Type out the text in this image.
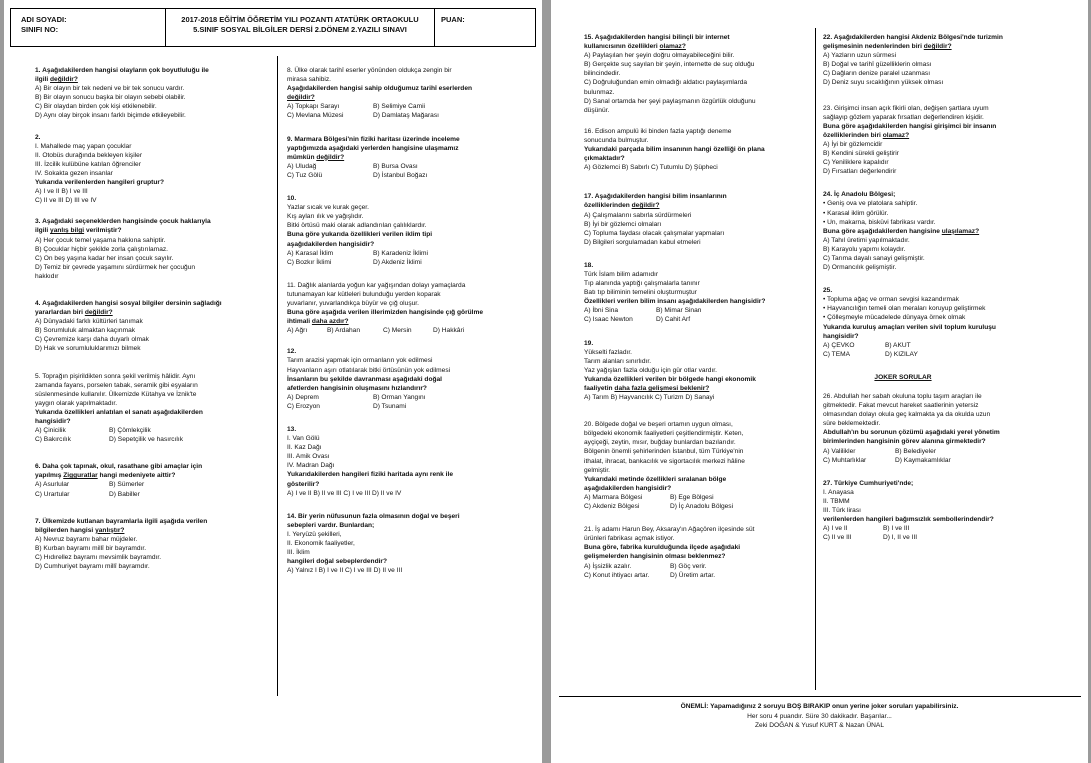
ADI SOYADI:
SINIFI NO:
2017-2018 EĞİTİM ÖĞRETİM YILI POZANTI ATATÜRK ORTAOKULU
5.SINIF SOSYAL BİLGİLER DERSİ 2.DÖNEM 2.YAZILI SINAVI
PUAN:
1. Aşağıdakilerden hangisi olayların çok boyutluluğu ile
ilgili değildir?
A) Bir olayın bir tek nedeni ve bir tek sonucu vardır.
B) Bir olayın sonucu başka bir olayın sebebi olabilir.
C) Bir olaydan birden çok kişi etkilenebilir.
D) Aynı olay birçok insanı farklı biçimde etkileyebilir.
2.
I. Mahallede maç yapan çocuklar
II. Otobüs durağında bekleyen kişiler
III. İzcilik kulübüne katılan öğrenciler
IV. Sokakta gezen insanlar
Yukarıda verilenlerden hangileri gruptur?
A) I ve II B) I ve III
C) II ve III D) III ve IV
3. Aşağıdaki seçeneklerden hangisinde çocuk haklarıyla
ilgili yanlış bilgi verilmiştir?
A) Her çocuk temel yaşama hakkına sahiptir.
B) Çocuklar hiçbir şekilde zorla çalıştırılamaz.
C) On beş yaşına kadar her insan çocuk sayılır.
D) Temiz bir çevrede yaşamını sürdürmek her çocuğun
hakkıdır
4. Aşağıdakilerden hangisi sosyal bilgiler dersinin sağladığı
yararlardan biri değildir?
A) Dünyadaki farklı kültürleri tanımak
B) Sorumluluk almaktan kaçınmak
C) Çevremize karşı daha duyarlı olmak
D) Hak ve sorumluluklarımızı bilmek
5. Toprağın pişirildikten sonra şekil verilmiş hâlidir. Aynı
zamanda fayans, porselen tabak, seramik gibi eşyaların
süslenmesinde kullanılır. Ülkemizde Kütahya ve İznik'te
yaygın olarak yapılmaktadır.
Yukarıda özellikleri anlatılan el sanatı aşağıdakilerden
hangisidir?
A) Çinicilik	B) Çömlekçilik
C) Bakırcılık	D) Sepetçilik ve hasırcılık
6. Daha çok tapınak, okul, rasathane gibi amaçlar için
yapılmış Zigguratlar hangi medeniyete aittir?
A) Asurlular	B) Sümerler
C) Urartular	D) Babiller
7. Ülkemizde kutlanan bayramlarla ilgili aşağıda verilen
bilgilerden hangisi yanlıştır?
A) Nevruz bayramı bahar müjdeler.
B) Kurban bayramı millî bir bayramdır.
C) Hıdırellez bayramı mevsimlik bayramdır.
D) Cumhuriyet bayramı millî bayramdır.
8. Ülke olarak tarihî eserler yönünden oldukça zengin bir
mirasa sahibiz.
Aşağıdakilerden hangisi sahip olduğumuz tarihî eserlerden
değildir?
A) Topkapı Sarayı	B) Selimiye Camii
C) Mevlana Müzesi	D) Damlataş Mağarası
9. Marmara Bölgesi'nin fiziki haritası üzerinde inceleme
yaptığımızda aşağıdaki yerlerden hangisine ulaşmamız
mümkün değildir?
A) Uludağ	B) Bursa Ovası
C) Tuz Gölü	D) İstanbul Boğazı
10.
Yazlar sıcak ve kurak geçer.
Kış ayları ılık ve yağışlıdır.
Bitki örtüsü maki olarak adlandırılan çalılıklardır.
Buna göre yukarıda özellikleri verilen iklim tipi
aşağıdakilerden hangisidir?
A) Karasal İklim	B) Karadeniz İklimi
C) Bozkır İklimi	D) Akdeniz İklimi
11. Dağlık alanlarda yoğun kar yağışından dolayı yamaçlarda
tutunamayan kar kütleleri bulunduğu yerden koparak
yuvarlanır, yuvarlandıkça büyür ve çığ oluşur.
Buna göre aşağıda verilen illerimizden hangisinde çığ görülme
ihtimali daha azdır?
A) Ağrı	B) Ardahan	C) Mersin	D) Hakkâri
12.
Tarım arazisi yapmak için ormanların yok edilmesi
Hayvanların aşırı otlatılarak bitki örtüsünün yok edilmesi
İnsanların bu şekilde davranması aşağıdaki doğal
afetlerden hangisinin oluşmasını hızlandırır?
A) Deprem	B) Orman Yangını
C) Erozyon	D) Tsunami
13.
I. Van Gölü
II. Kaz Dağı
III. Amik Ovası
IV. Madran Dağı
Yukarıdakilerden hangileri fiziki haritada aynı renk ile
gösterilir?
A) I ve II B) II ve III C) I ve III D) II ve IV
14. Bir yerin nüfusunun fazla olmasının doğal ve beşeri
sebepleri vardır. Bunlardan;
I. Yeryüzü şekilleri,
II. Ekonomik faaliyetler,
III. İklim
hangileri doğal sebeplerdendir?
A) Yalnız I B) I ve II C) I ve III D) II ve III
15. Aşağıdakilerden hangisi bilinçli bir internet
kullanıcısının özellikleri olamaz?
A) Paylaşılan her şeyin doğru olmayabileceğini bilir.
B) Gerçekte suç sayılan bir şeyin, internette de suç olduğu
bilincindedir.
C) Doğruluğundan emin olmadığı aldatıcı paylaşımlarda
bulunmaz.
D) Sanal ortamda her şeyi paylaşmanın özgürlük olduğunu
düşünür.
16. Edison ampulü iki binden fazla yaptığı deneme
sonucunda bulmuştur.
Yukarıdaki parçada bilim insanının hangi özelliği ön plana
çıkmaktadır?
A) Gözlemci B) Sabırlı C) Tutumlu D) Şüpheci
17. Aşağıdakilerden hangisi bilim insanlarının
özelliklerinden değildir?
A) Çalışmalarını sabırla sürdürmeleri
B) İyi bir gözlemci olmaları
C) Topluma faydası olacak çalışmalar yapmaları
D) Bilgileri sorgulamadan kabul etmeleri
18.
Türk İslam bilim adamıdır
Tıp alanında yaptığı çalışmalarla tanınır
Batı tıp biliminin temelini oluşturmuştur
Özellikleri verilen bilim insanı aşağıdakilerden hangisidir?
A) İbni Sina	B) Mimar Sinan
C) Isaac Newton	D) Cahit Arf
19.
Yükselti fazladır.
Tarım alanları sınırlıdır.
Yaz yağışları fazla olduğu için gür otlar vardır.
Yukarıda özellikleri verilen bir bölgede hangi ekonomik
faaliyetin daha fazla gelişmesi beklenir?
A) Tarım B) Hayvancılık C) Turizm D) Sanayi
20. Bölgede doğal ve beşeri ortamın uygun olması,
bölgedeki ekonomik faaliyetleri çeşitlendirmiştir. Keten,
ayçiçeği, zeytin, mısır, buğday bunlardan bazılarıdır.
Bölgenin önemli şehirlerinden İstanbul, tüm Türkiye'nin
ithalat, ihracat, bankacılık ve sigortacılık merkezi hâline
gelmiştir.
Yukarıdaki metinde özellikleri sıralanan bölge
aşağıdakilerden hangisidir?
A) Marmara Bölgesi	B) Ege Bölgesi
C) Akdeniz Bölgesi	D) İç Anadolu Bölgesi
21. İş adamı Harun Bey, Aksaray'ın Ağaçören ilçesinde süt
ürünleri fabrikası açmak istiyor.
Buna göre, fabrika kurulduğunda ilçede aşağıdaki
gelişmelerden hangisinin olması beklenmez?
A) İşsizlik azalır.	B) Göç verir.
C) Konut ihtiyacı artar.	D) Üretim artar.
22. Aşağıdakilerden hangisi Akdeniz Bölgesi'nde turizmin
gelişmesinin nedenlerinden biri değildir?
A) Yazların uzun sürmesi
B) Doğal ve tarihî güzelliklerin olması
C) Dağların denize paralel uzanması
D) Deniz suyu sıcaklığının yüksek olması
23. Girişimci insan açık fikirli olan, değişen şartlara uyum
sağlayıp gözlem yaparak fırsatları değerlendiren kişidir.
Buna göre aşağıdakilerden hangisi girişimci bir insanın
özelliklerinden biri olamaz?
A) İyi bir gözlemcidir
B) Kendini sürekli geliştirir
C) Yeniliklere kapalıdır
D) Fırsatları değerlendirir
24. İç Anadolu Bölgesi;
• Geniş ova ve platolara sahiptir.
• Karasal iklim görülür.
• Un, makarna, bisküvi fabrikası vardır.
Buna göre aşağıdakilerden hangisine ulaşılamaz?
A) Tahıl üretimi yapılmaktadır.
B) Karayolu yapımı kolaydır.
C) Tarıma dayalı sanayi gelişmiştir.
D) Ormancılık gelişmiştir.
25.
• Topluma ağaç ve orman sevgisi kazandırmak
• Hayvancılığın temeli olan meraları koruyup geliştirmek
• Çölleşmeyle mücadelede dünyaya örnek olmak
Yukarıda kuruluş amaçları verilen sivil toplum kuruluşu
hangisidir?
A) ÇEVKO	B) AKUT
C) TEMA	D) KIZILAY
JOKER SORULAR
26. Abdullah her sabah okuluna toplu taşım araçları ile
gitmektedir. Fakat mevcut hareket saatlerinin yetersiz
olmasından dolayı okula geç kalmakta ya da okulda uzun
süre beklemektedir.
Abdullah'ın bu sorunun çözümü aşağıdaki yerel yönetim
birimlerinden hangisinin görev alanına girmektedir?
A) Valilikler	B) Belediyeler
C) Muhtarlıklar	D) Kaymakamlıklar
27. Türkiye Cumhuriyeti'nde;
I. Anayasa
II. TBMM
III. Türk lirası
verilenlerden hangileri bağımsızlık sembollerindendir?
A) I ve II	B) I ve III
C) II ve III	D) I, II ve III
ÖNEMLİ: Yapamadığınız 2 soruyu BOŞ BIRAKIP onun yerine joker soruları yapabilirsiniz.
Her soru 4 puandır. Süre 30 dakikadır. Başarılar...
Zeki DOĞAN & Yusuf KURT & Nazan ÜNAL
